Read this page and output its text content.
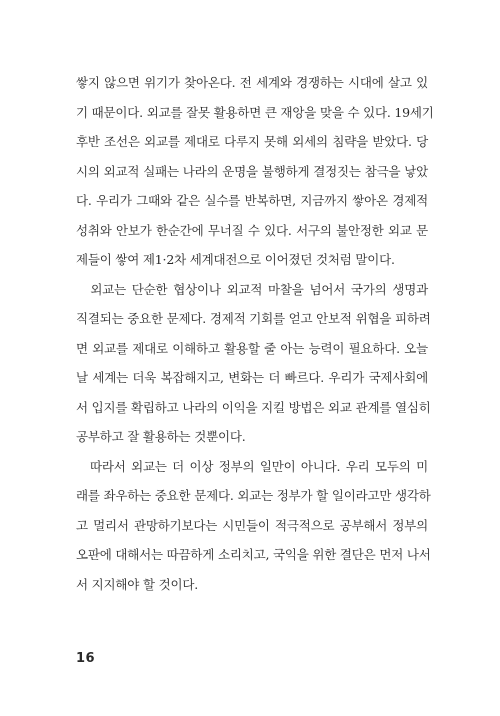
쌓지 않으면 위기가 찾아온다. 전 세계와 경쟁하는 시대에 살고 있
기 때문이다. 외교를 잘못 활용하면 큰 재앙을 맞을 수 있다. 19세기
후반 조선은 외교를 제대로 다루지 못해 외세의 침략을 받았다. 당
시의 외교적 실패는 나라의 운명을 불행하게 결정짓는 참극을 낳았
다. 우리가 그때와 같은 실수를 반복하면, 지금까지 쌓아온 경제적
성취와 안보가 한순간에 무너질 수 있다. 서구의 불안정한 외교 문
제들이 쌓여 제1·2차 세계대전으로 이어졌던 것처럼 말이다.
　외교는 단순한 협상이나 외교적 마찰을 넘어서 국가의 생명과
직결되는 중요한 문제다. 경제적 기회를 얻고 안보적 위협을 피하려
면 외교를 제대로 이해하고 활용할 줄 아는 능력이 필요하다. 오늘
날 세계는 더욱 복잡해지고, 변화는 더 빠르다. 우리가 국제사회에
서 입지를 확립하고 나라의 이익을 지킬 방법은 외교 관계를 열심히
공부하고 잘 활용하는 것뿐이다.
　따라서 외교는 더 이상 정부의 일만이 아니다. 우리 모두의 미
래를 좌우하는 중요한 문제다. 외교는 정부가 할 일이라고만 생각하
고 멀리서 관망하기보다는 시민들이 적극적으로 공부해서 정부의
오판에 대해서는 따끔하게 소리치고, 국익을 위한 결단은 먼저 나서
서 지지해야 할 것이다.
16
